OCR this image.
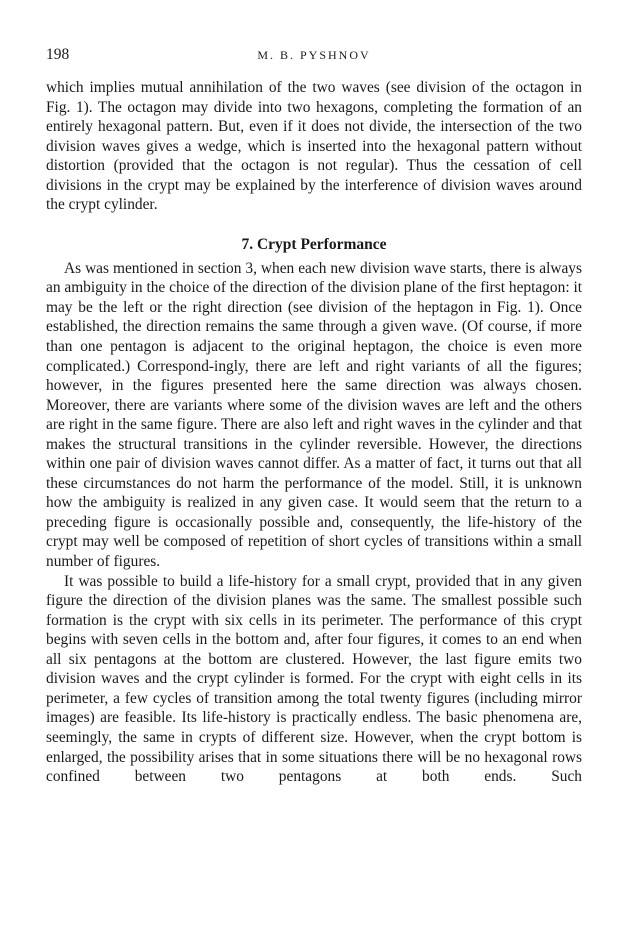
198	M. B. PYSHNOV

which implies mutual annihilation of the two waves (see division of the octagon in Fig. 1). The octagon may divide into two hexagons, completing the formation of an entirely hexagonal pattern. But, even if it does not divide, the intersection of the two division waves gives a wedge, which is inserted into the hexagonal pattern without distortion (provided that the octagon is not regular). Thus the cessation of cell divisions in the crypt may be explained by the interference of division waves around the crypt cylinder.

7. Crypt Performance

As was mentioned in section 3, when each new division wave starts, there is always an ambiguity in the choice of the direction of the division plane of the first heptagon: it may be the left or the right direction (see division of the heptagon in Fig. 1). Once established, the direction remains the same through a given wave. (Of course, if more than one pentagon is adjacent to the original heptagon, the choice is even more complicated.) Correspond-ingly, there are left and right variants of all the figures; however, in the figures presented here the same direction was always chosen. Moreover, there are variants where some of the division waves are left and the others are right in the same figure. There are also left and right waves in the cylinder and that makes the structural transitions in the cylinder reversible. However, the directions within one pair of division waves cannot differ. As a matter of fact, it turns out that all these circumstances do not harm the performance of the model. Still, it is unknown how the ambiguity is realized in any given case. It would seem that the return to a preceding figure is occasionally possible and, consequently, the life-history of the crypt may well be composed of repetition of short cycles of transitions within a small number of figures.

It was possible to build a life-history for a small crypt, provided that in any given figure the direction of the division planes was the same. The smallest possible such formation is the crypt with six cells in its perimeter. The performance of this crypt begins with seven cells in the bottom and, after four figures, it comes to an end when all six pentagons at the bottom are clustered. However, the last figure emits two division waves and the crypt cylinder is formed. For the crypt with eight cells in its perimeter, a few cycles of transition among the total twenty figures (including mirror images) are feasible. Its life-history is practically endless. The basic phenomena are, seemingly, the same in crypts of different size. However, when the crypt bottom is enlarged, the possibility arises that in some situations there will be no hexagonal rows confined between two pentagons at both ends. Such
